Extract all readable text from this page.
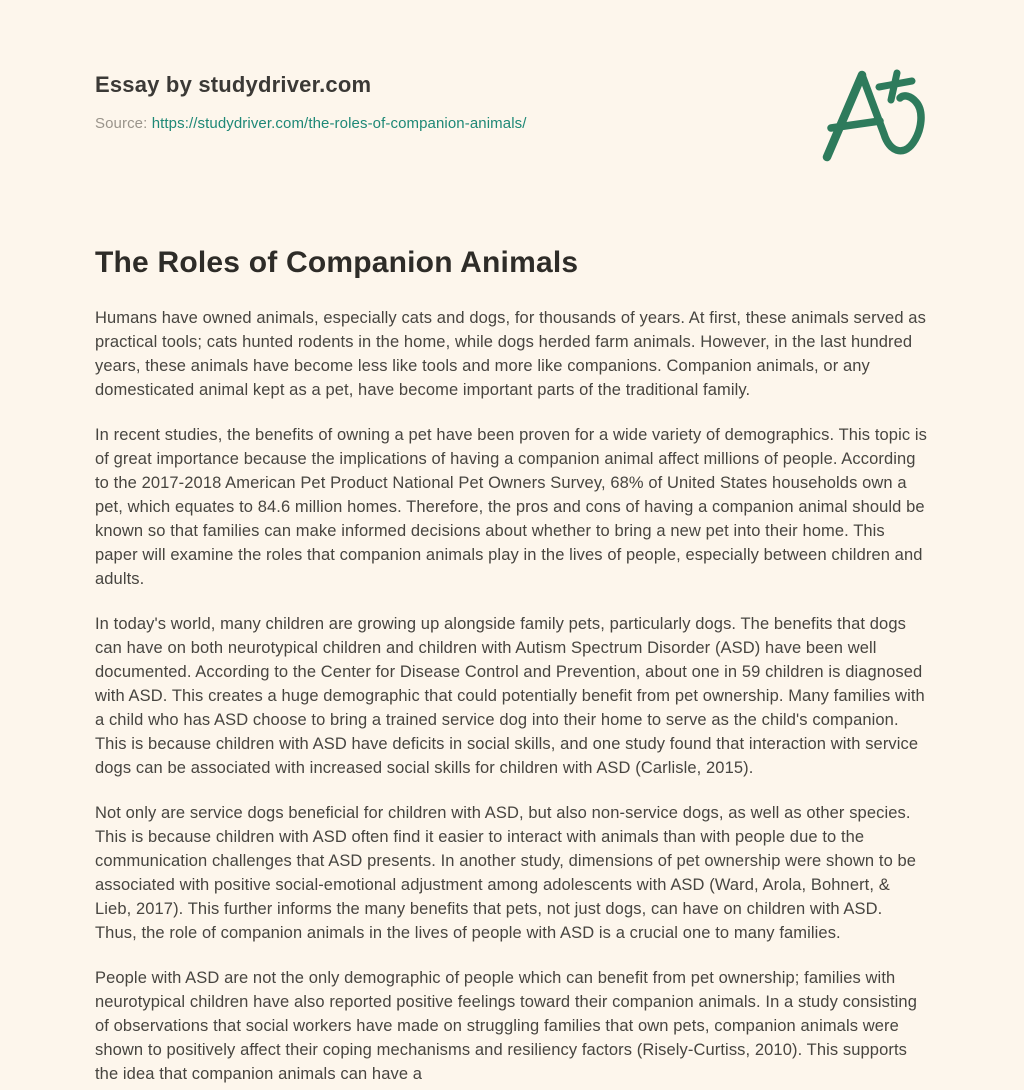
Essay by studydriver.com
Source: https://studydriver.com/the-roles-of-companion-animals/
The Roles of Companion Animals

Humans have owned animals, especially cats and dogs, for thousands of years. At first, these animals served as practical tools; cats hunted rodents in the home, while dogs herded farm animals. However, in the last hundred years, these animals have become less like tools and more like companions. Companion animals, or any domesticated animal kept as a pet, have become important parts of the traditional family.

In recent studies, the benefits of owning a pet have been proven for a wide variety of demographics. This topic is of great importance because the implications of having a companion animal affect millions of people. According to the 2017-2018 American Pet Product National Pet Owners Survey, 68% of United States households own a pet, which equates to 84.6 million homes. Therefore, the pros and cons of having a companion animal should be known so that families can make informed decisions about whether to bring a new pet into their home. This paper will examine the roles that companion animals play in the lives of people, especially between children and adults.

In today's world, many children are growing up alongside family pets, particularly dogs. The benefits that dogs can have on both neurotypical children and children with Autism Spectrum Disorder (ASD) have been well documented. According to the Center for Disease Control and Prevention, about one in 59 children is diagnosed with ASD. This creates a huge demographic that could potentially benefit from pet ownership. Many families with a child who has ASD choose to bring a trained service dog into their home to serve as the child's companion. This is because children with ASD have deficits in social skills, and one study found that interaction with service dogs can be associated with increased social skills for children with ASD (Carlisle, 2015).

Not only are service dogs beneficial for children with ASD, but also non-service dogs, as well as other species. This is because children with ASD often find it easier to interact with animals than with people due to the communication challenges that ASD presents. In another study, dimensions of pet ownership were shown to be associated with positive social-emotional adjustment among adolescents with ASD (Ward, Arola, Bohnert, & Lieb, 2017). This further informs the many benefits that pets, not just dogs, can have on children with ASD. Thus, the role of companion animals in the lives of people with ASD is a crucial one to many families.

People with ASD are not the only demographic of people which can benefit from pet ownership; families with neurotypical children have also reported positive feelings toward their companion animals. In a study consisting of observations that social workers have made on struggling families that own pets, companion animals were shown to positively affect their coping mechanisms and resiliency factors (Risely-Curtiss, 2010). This supports the idea that companion animals can have a
